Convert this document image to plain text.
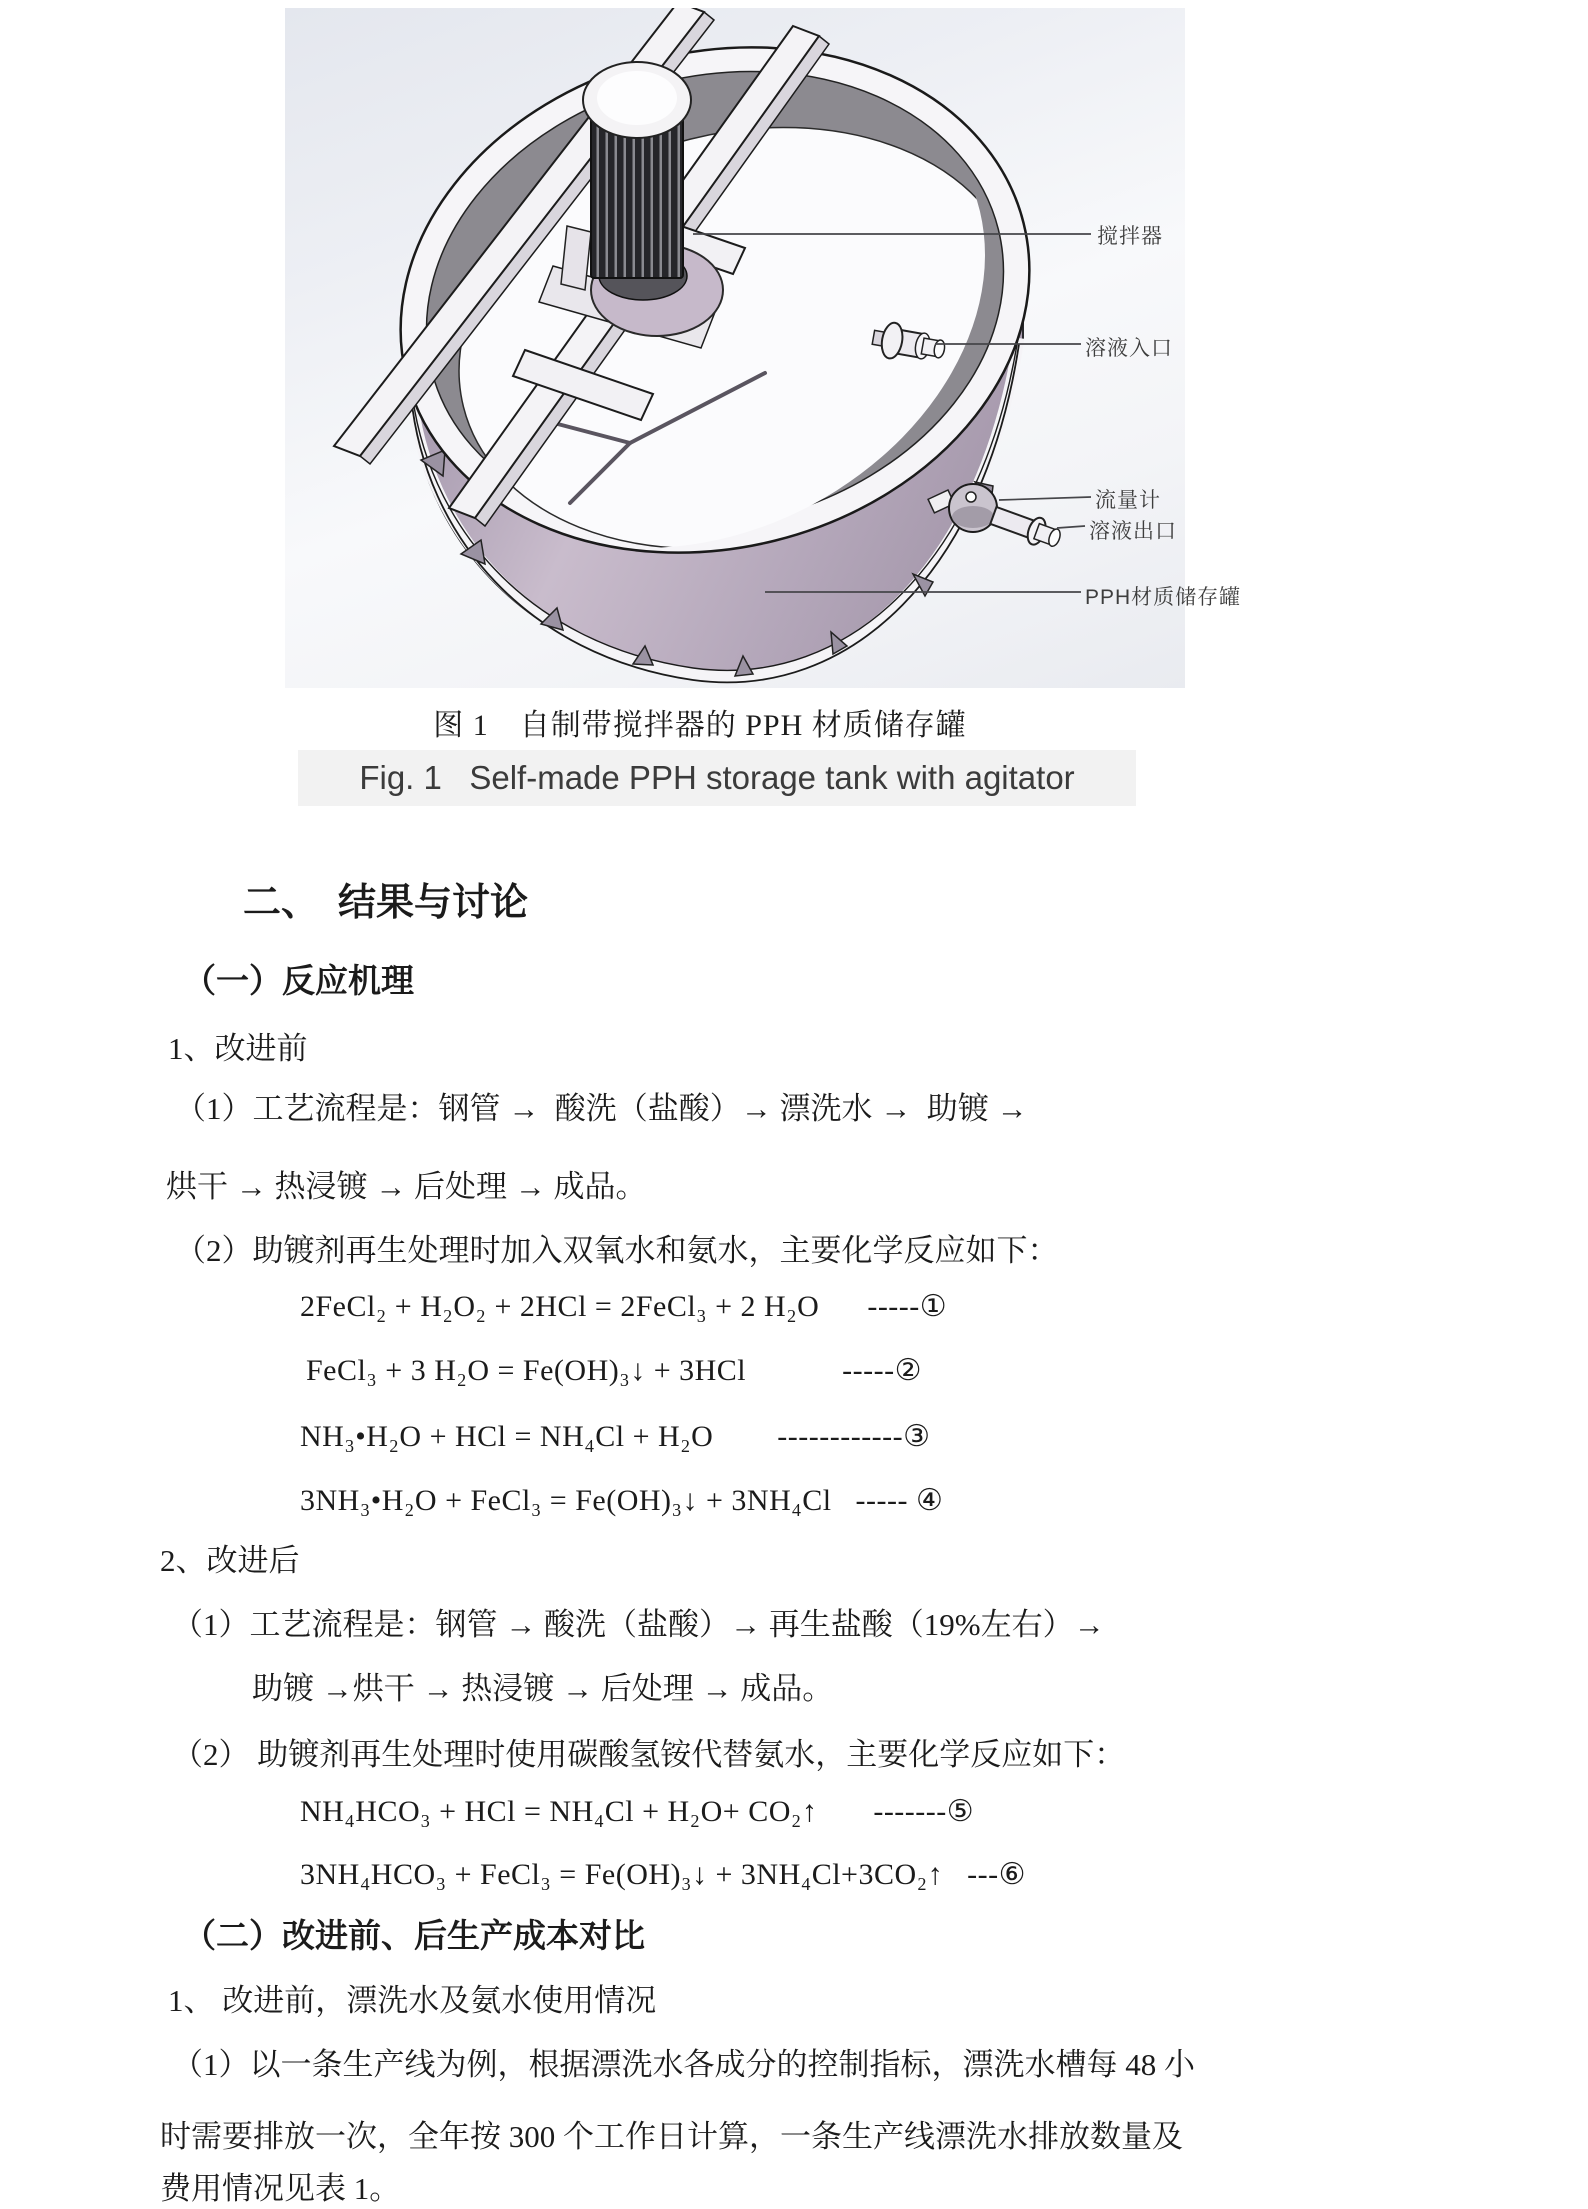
搅拌器
溶液入口
流量计
溶液出口
PPH材质储存罐
图 1　自制带搅拌器的 PPH 材质储存罐
Fig. 1   Self-made PPH storage tank with agitator
二、  结果与讨论
（一）反应机理
1、改进前
（1）工艺流程是：钢管 →  酸洗（盐酸）→ 漂洗水 →  助镀 →
烘干 → 热浸镀 → 后处理 → 成品。
（2）助镀剂再生处理时加入双氧水和氨水，主要化学反应如下：
2FeCl₂ + H₂O₂ + 2HCl = 2FeCl₃ + 2 H₂O      -----①
FeCl₃ + 3 H₂O = Fe(OH)₃↓ + 3HCl            -----②
NH₃•H₂O + HCl = NH₄Cl + H₂O        ------------③
3NH₃•H₂O + FeCl₃ = Fe(OH)₃↓ + 3NH₄Cl   ----- ④
2、改进后
（1）工艺流程是：钢管 → 酸洗（盐酸）→ 再生盐酸（19%左右）→
助镀 →烘干 → 热浸镀 → 后处理 → 成品。
（2） 助镀剂再生处理时使用碳酸氢铵代替氨水，主要化学反应如下：
NH₄HCO₃ + HCl = NH₄Cl + H₂O+ CO₂↑       -------⑤
3NH₄HCO₃ + FeCl₃ = Fe(OH)₃↓ + 3NH₄Cl+3CO₂↑   ---⑥
（二）改进前、后生产成本对比
1、 改进前，漂洗水及氨水使用情况
（1）以一条生产线为例，根据漂洗水各成分的控制指标，漂洗水槽每 48 小
时需要排放一次，全年按 300 个工作日计算，一条生产线漂洗水排放数量及
费用情况见表 1。
